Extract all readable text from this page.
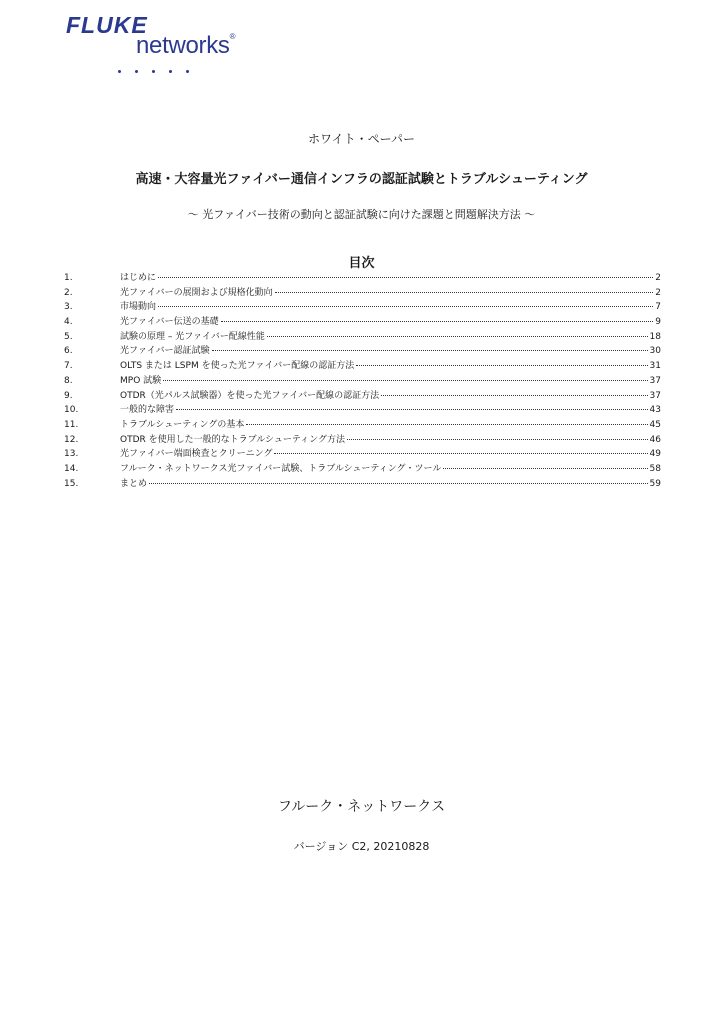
FLUKE
networks®
ホワイト・ペーパー
高速・大容量光ファイバー通信インフラの認証試験とトラブルシューティング
～ 光ファイバー技術の動向と認証試験に向けた課題と問題解決方法 ～
目次
1.	はじめに	2
2.	光ファイバーの展開および規格化動向	2
3.	市場動向	7
4.	光ファイバー伝送の基礎	9
5.	試験の原理 – 光ファイバー配線性能	18
6.	光ファイバー認証試験	30
7.	OLTS または LSPM を使った光ファイバー配線の認証方法	31
8.	MPO 試験	37
9.	OTDR（光パルス試験器）を使った光ファイバー配線の認証方法	37
10.	一般的な障害	43
11.	トラブルシューティングの基本	45
12.	OTDR を使用した一般的なトラブルシューティング方法	46
13.	光ファイバー端面検査とクリーニング	49
14.	フルーク・ネットワークス光ファイバー試験、トラブルシューティング・ツール	58
15.	まとめ	59
フルーク・ネットワークス
バージョン C2, 20210828
